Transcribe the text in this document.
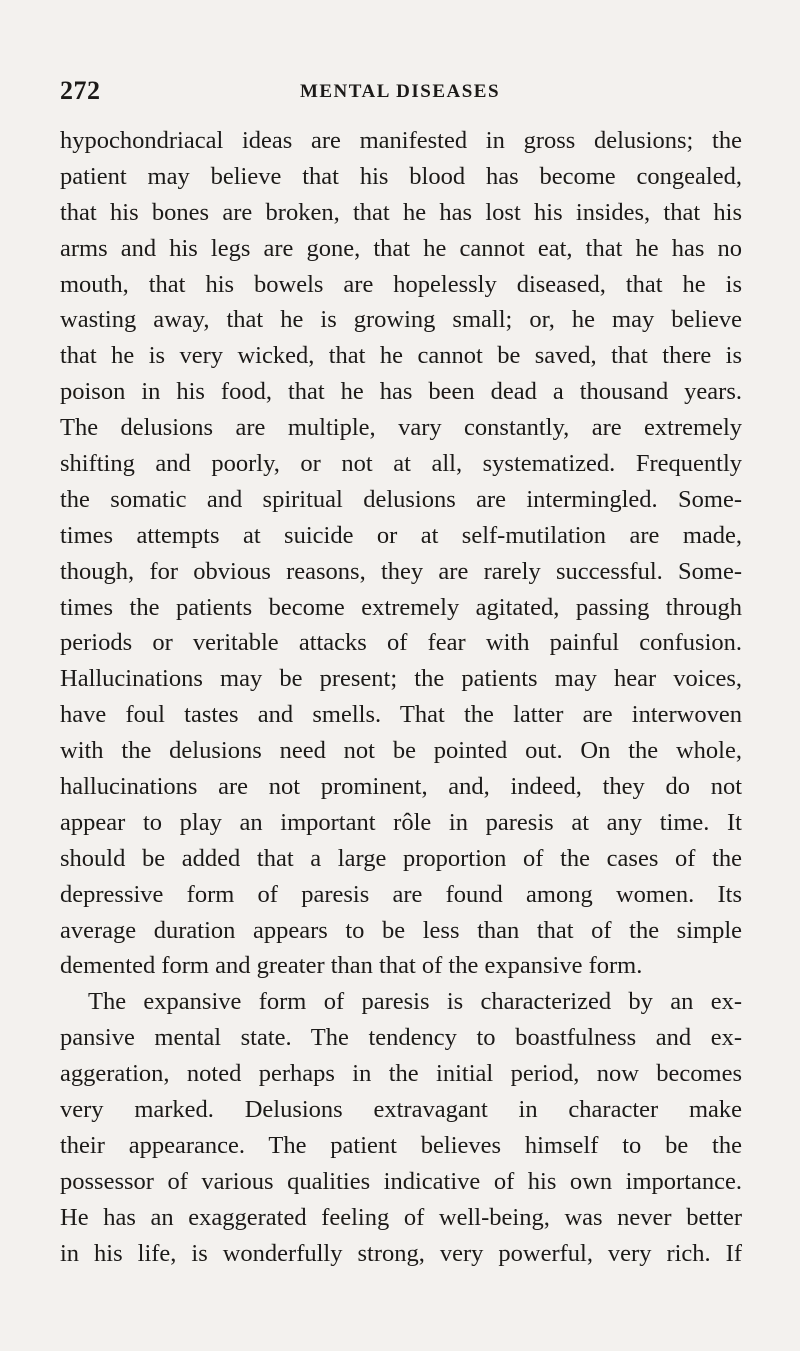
272	MENTAL DISEASES
hypochondriacal ideas are manifested in gross delusions; the
patient may believe that his blood has become congealed,
that his bones are broken, that he has lost his insides, that his
arms and his legs are gone, that he cannot eat, that he has no
mouth, that his bowels are hopelessly diseased, that he is
wasting away, that he is growing small; or, he may believe
that he is very wicked, that he cannot be saved, that there is
poison in his food, that he has been dead a thousand years.
The delusions are multiple, vary constantly, are extremely
shifting and poorly, or not at all, systematized. Frequently
the somatic and spiritual delusions are intermingled. Some-
times attempts at suicide or at self-mutilation are made,
though, for obvious reasons, they are rarely successful. Some-
times the patients become extremely agitated, passing through
periods or veritable attacks of fear with painful confusion.
Hallucinations may be present; the patients may hear voices,
have foul tastes and smells. That the latter are interwoven
with the delusions need not be pointed out. On the whole,
hallucinations are not prominent, and, indeed, they do not
appear to play an important rôle in paresis at any time. It
should be added that a large proportion of the cases of the
depressive form of paresis are found among women. Its
average duration appears to be less than that of the simple
demented form and greater than that of the expansive form.
The expansive form of paresis is characterized by an ex-
pansive mental state. The tendency to boastfulness and ex-
aggeration, noted perhaps in the initial period, now becomes
very marked. Delusions extravagant in character make
their appearance. The patient believes himself to be the
possessor of various qualities indicative of his own importance.
He has an exaggerated feeling of well-being, was never better
in his life, is wonderfully strong, very powerful, very rich. If
